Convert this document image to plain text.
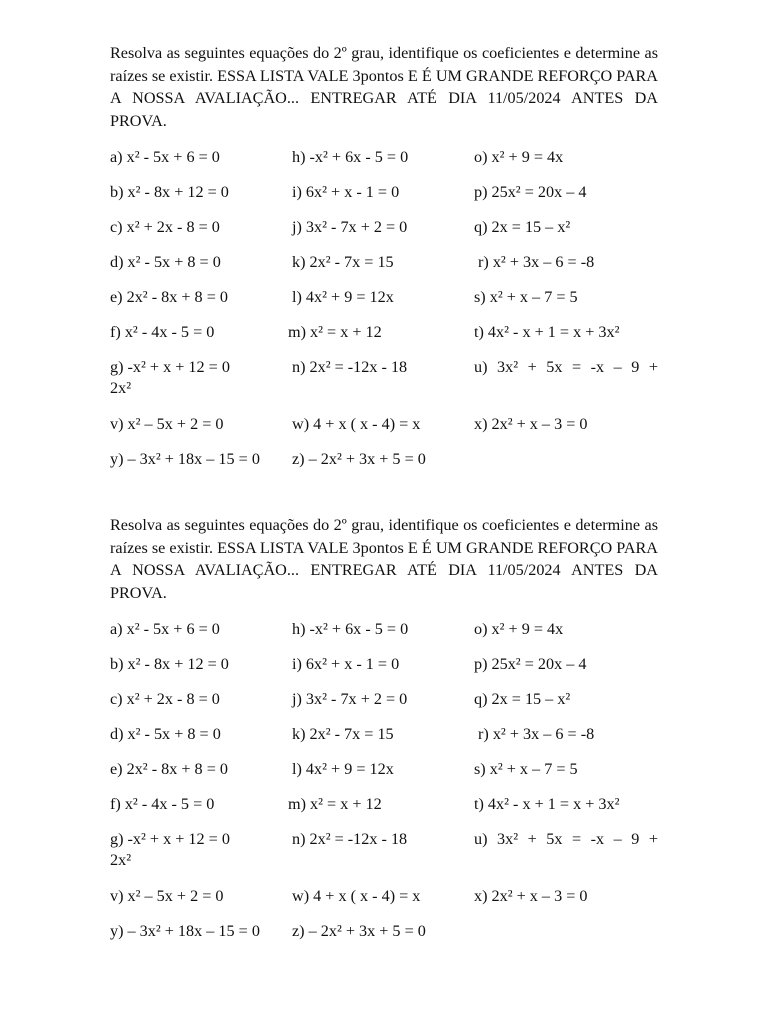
Resolva as seguintes equações do 2º grau, identifique os coeficientes e determine as raízes se existir. ESSA LISTA VALE 3pontos E É UM GRANDE REFORÇO PARA A NOSSA AVALIAÇÃO... ENTREGAR ATÉ DIA 11/05/2024 ANTES DA PROVA.

a) x² - 5x + 6 = 0	h) -x² + 6x - 5 = 0	o) x² + 9 = 4x
b) x² - 8x + 12 = 0	i) 6x² + x - 1 = 0	p) 25x² = 20x – 4
c) x² + 2x - 8 = 0	j) 3x² - 7x + 2 = 0	q) 2x = 15 – x²
d) x² - 5x + 8 = 0	k) 2x² - 7x = 15	r) x² + 3x – 6 = -8
e) 2x² - 8x + 8 = 0	l) 4x² + 9 = 12x	s) x² + x – 7 = 5
f) x² - 4x - 5 = 0	m) x² = x + 12	t) 4x² - x + 1 = x + 3x²
g) -x² + x + 12 = 0	n) 2x² = -12x - 18	u) 3x² + 5x = -x – 9 +
2x²
v) x² – 5x + 2 = 0	w) 4 + x ( x - 4) = x	x) 2x² + x – 3 = 0
y) – 3x² + 18x – 15 = 0 z) – 2x² + 3x + 5 = 0

Resolva as seguintes equações do 2º grau, identifique os coeficientes e determine as raízes se existir. ESSA LISTA VALE 3pontos E É UM GRANDE REFORÇO PARA A NOSSA AVALIAÇÃO... ENTREGAR ATÉ DIA 11/05/2024 ANTES DA PROVA.

a) x² - 5x + 6 = 0	h) -x² + 6x - 5 = 0	o) x² + 9 = 4x
b) x² - 8x + 12 = 0	i) 6x² + x - 1 = 0	p) 25x² = 20x – 4
c) x² + 2x - 8 = 0	j) 3x² - 7x + 2 = 0	q) 2x = 15 – x²
d) x² - 5x + 8 = 0	k) 2x² - 7x = 15	r) x² + 3x – 6 = -8
e) 2x² - 8x + 8 = 0	l) 4x² + 9 = 12x	s) x² + x – 7 = 5
f) x² - 4x - 5 = 0	m) x² = x + 12	t) 4x² - x + 1 = x + 3x²
g) -x² + x + 12 = 0	n) 2x² = -12x - 18	u) 3x² + 5x = -x – 9 +
2x²
v) x² – 5x + 2 = 0	w) 4 + x ( x - 4) = x	x) 2x² + x – 3 = 0
y) – 3x² + 18x – 15 = 0 z) – 2x² + 3x + 5 = 0
